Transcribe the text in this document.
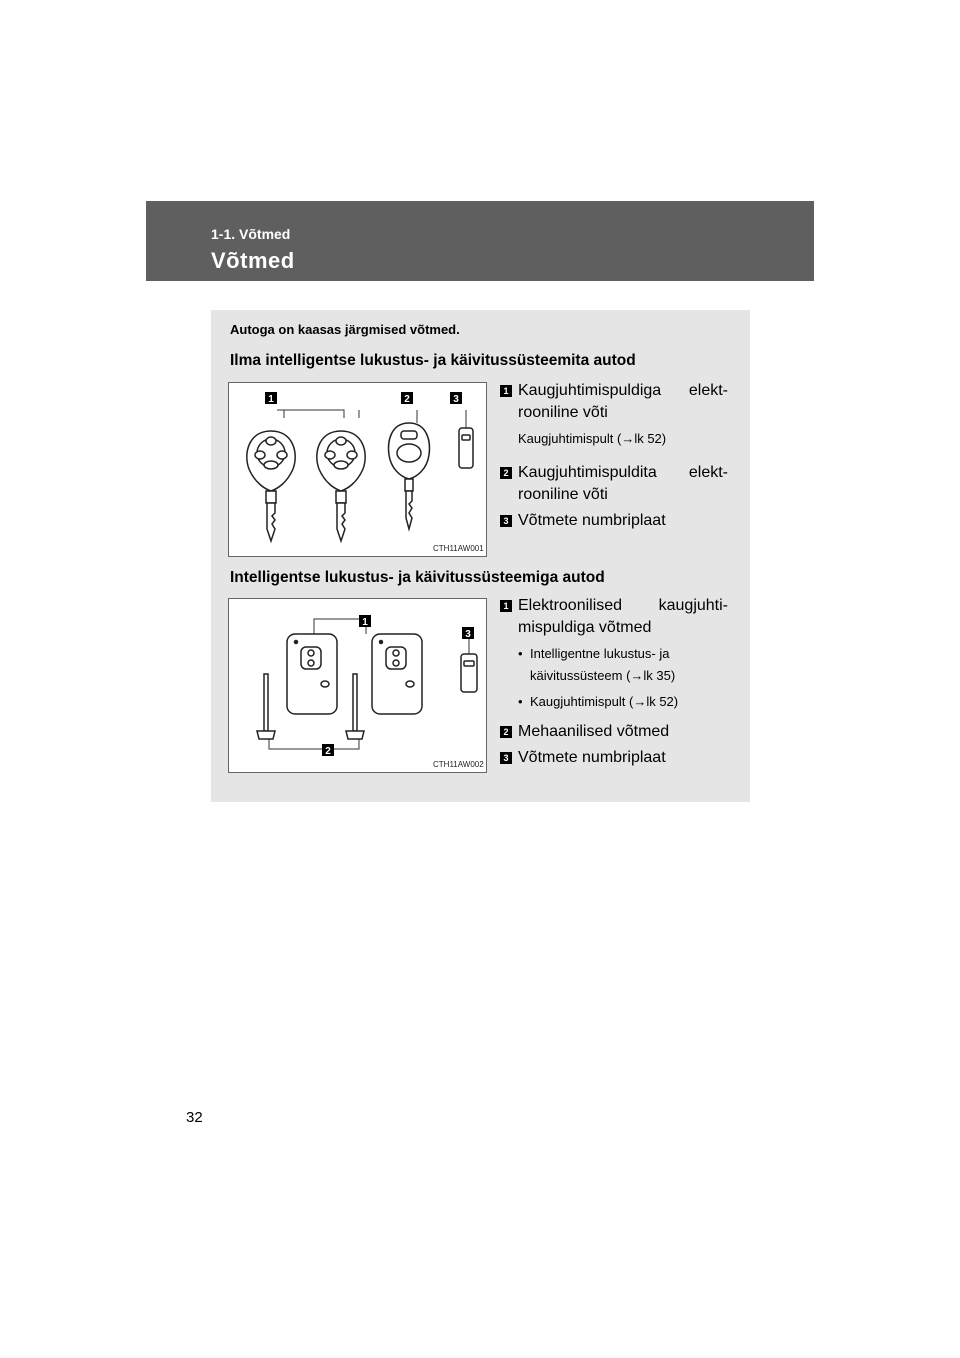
1-1. Võtmed
Võtmed
Autoga on kaasas järgmised võtmed.
Ilma intelligentse lukustus- ja käivitussüsteemita autod
1	2	3
CTH11AW001
1 Kaugjuhtimispuldiga elekt-rooniline võti
Kaugjuhtimispult (→lk 52)
2 Kaugjuhtimispuldita elekt-rooniline võti
3 Võtmete numbriplaat
Intelligentse lukustus- ja käivitussüsteemiga autod
1
2
3
CTH11AW002
1 Elektroonilised kaugjuhti-mispuldiga võtmed
• Intelligentne lukustus- ja käivitussüsteem (→lk 35)
• Kaugjuhtimispult (→lk 52)
2 Mehaanilised võtmed
3 Võtmete numbriplaat
32
